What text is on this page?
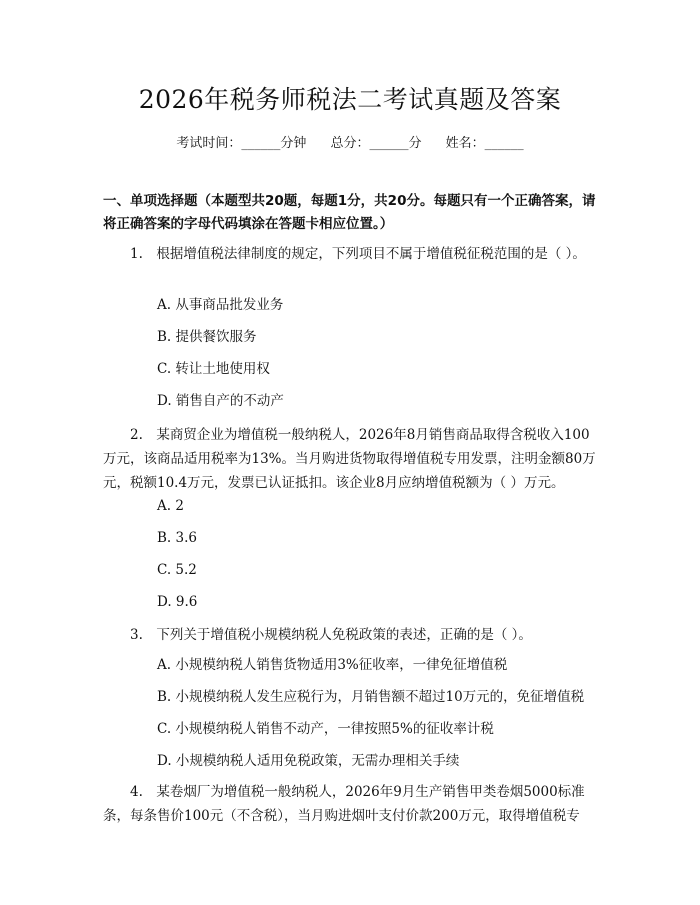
2026年税务师税法二考试真题及答案
考试时间：______分钟 总分：______分 姓名：______
一、单项选择题（本题型共20题，每题1分，共20分。每题只有一个正确答案，请将正确答案的字母代码填涂在答题卡相应位置。）
1.　根据增值税法律制度的规定，下列项目不属于增值税征税范围的是（ ）。
A. 从事商品批发业务
B. 提供餐饮服务
C. 转让土地使用权
D. 销售自产的不动产
2.　某商贸企业为增值税一般纳税人，2026年8月销售商品取得含税收入100万元，该商品适用税率为13%。当月购进货物取得增值税专用发票，注明金额80万元，税额10.4万元，发票已认证抵扣。该企业8月应纳增值税额为（ ）万元。
A. 2
B. 3.6
C. 5.2
D. 9.6
3.　下列关于增值税小规模纳税人免税政策的表述，正确的是（ ）。
A. 小规模纳税人销售货物适用3%征收率，一律免征增值税
B. 小规模纳税人发生应税行为，月销售额不超过10万元的，免征增值税
C. 小规模纳税人销售不动产，一律按照5%的征收率计税
D. 小规模纳税人适用免税政策，无需办理相关手续
4.　某卷烟厂为增值税一般纳税人，2026年9月生产销售甲类卷烟5000标准条，每条售价100元（不含税），当月购进烟叶支付价款200万元，取得增值税专
